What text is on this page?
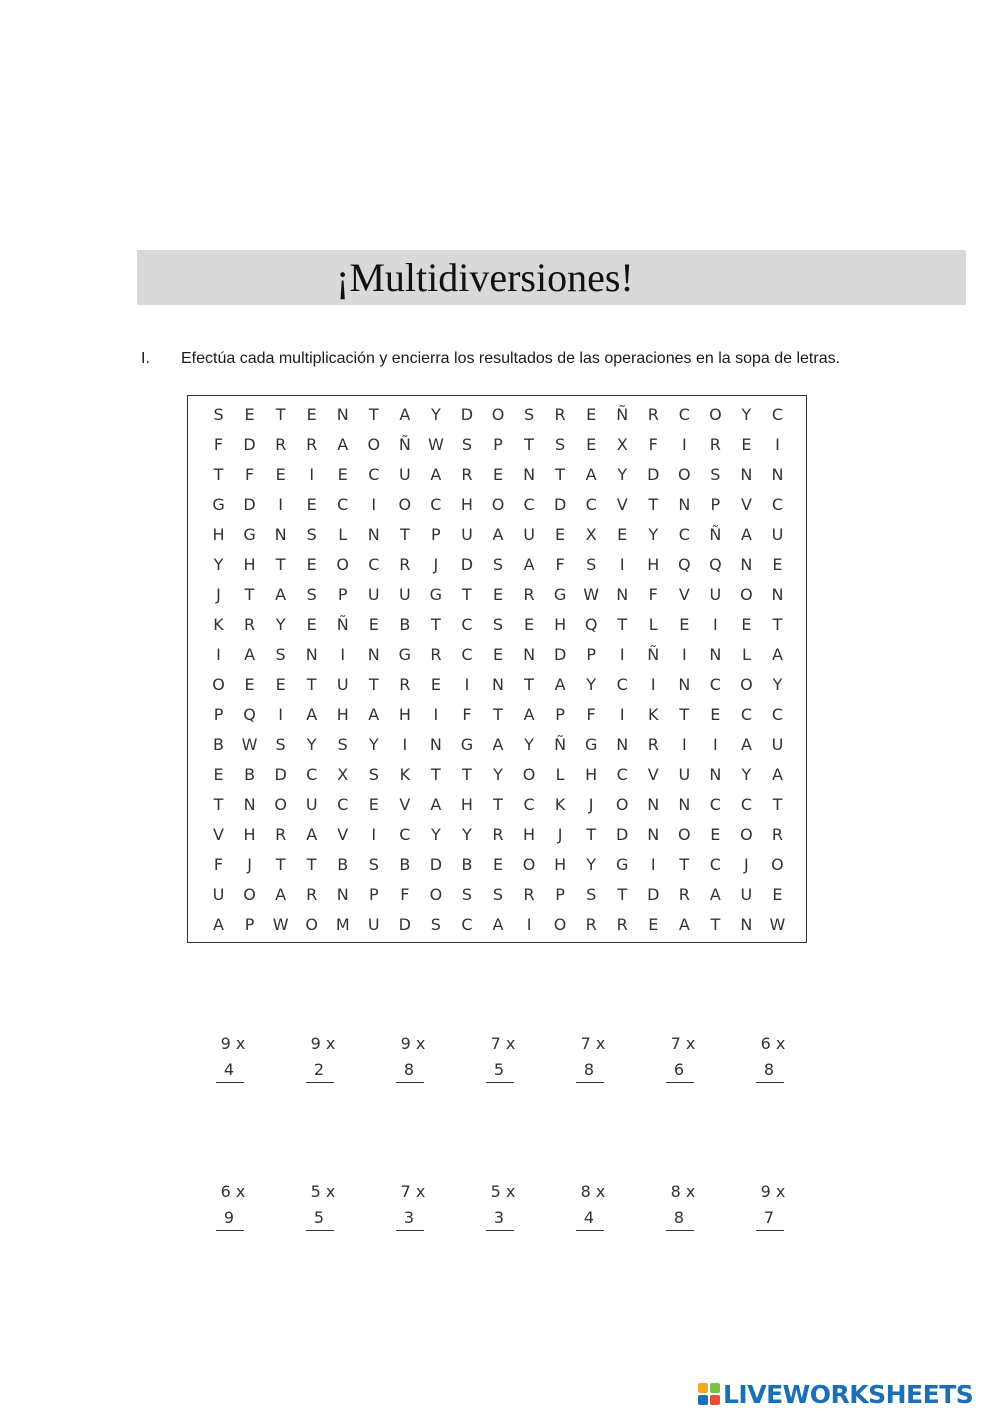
¡Multidiversiones!
I. Efectúa cada multiplicación y encierra los resultados de las operaciones en la sopa de letras.
S	E	T	E	N	T	A	Y	D	O	S	R	E	Ñ	R	C	O	Y	C
F	D	R	R	A	O	Ñ	W	S	P	T	S	E	X	F	I	R	E	I
T	F	E	I	E	C	U	A	R	E	N	T	A	Y	D	O	S	N	N
G	D	I	E	C	I	O	C	H	O	C	D	C	V	T	N	P	V	C
H	G	N	S	L	N	T	P	U	A	U	E	X	E	Y	C	Ñ	A	U
Y	H	T	E	O	C	R	J	D	S	A	F	S	I	H	Q	Q	N	E
J	T	A	S	P	U	U	G	T	E	R	G	W	N	F	V	U	O	N
K	R	Y	E	Ñ	E	B	T	C	S	E	H	Q	T	L	E	I	E	T
I	A	S	N	I	N	G	R	C	E	N	D	P	I	Ñ	I	N	L	A
O	E	E	T	U	T	R	E	I	N	T	A	Y	C	I	N	C	O	Y
P	Q	I	A	H	A	H	I	F	T	A	P	F	I	K	T	E	C	C
B	W	S	Y	S	Y	I	N	G	A	Y	Ñ	G	N	R	I	I	A	U
E	B	D	C	X	S	K	T	T	Y	O	L	H	C	V	U	N	Y	A
T	N	O	U	C	E	V	A	H	T	C	K	J	O	N	N	C	C	T
V	H	R	A	V	I	C	Y	Y	R	H	J	T	D	N	O	E	O	R
F	J	T	T	B	S	B	D	B	E	O	H	Y	G	I	T	C	J	O
U	O	A	R	N	P	F	O	S	S	R	P	S	T	D	R	A	U	E
A	P	W	O	M	U	D	S	C	A	I	O	R	R	E	A	T	N	W
9 x
4
9 x
2
9 x
8
7 x
5
7 x
8
7 x
6
6 x
8
6 x
9
5 x
5
7 x
3
5 x
3
8 x
4
8 x
8
9 x
7
LIVEWORKSHEETS
